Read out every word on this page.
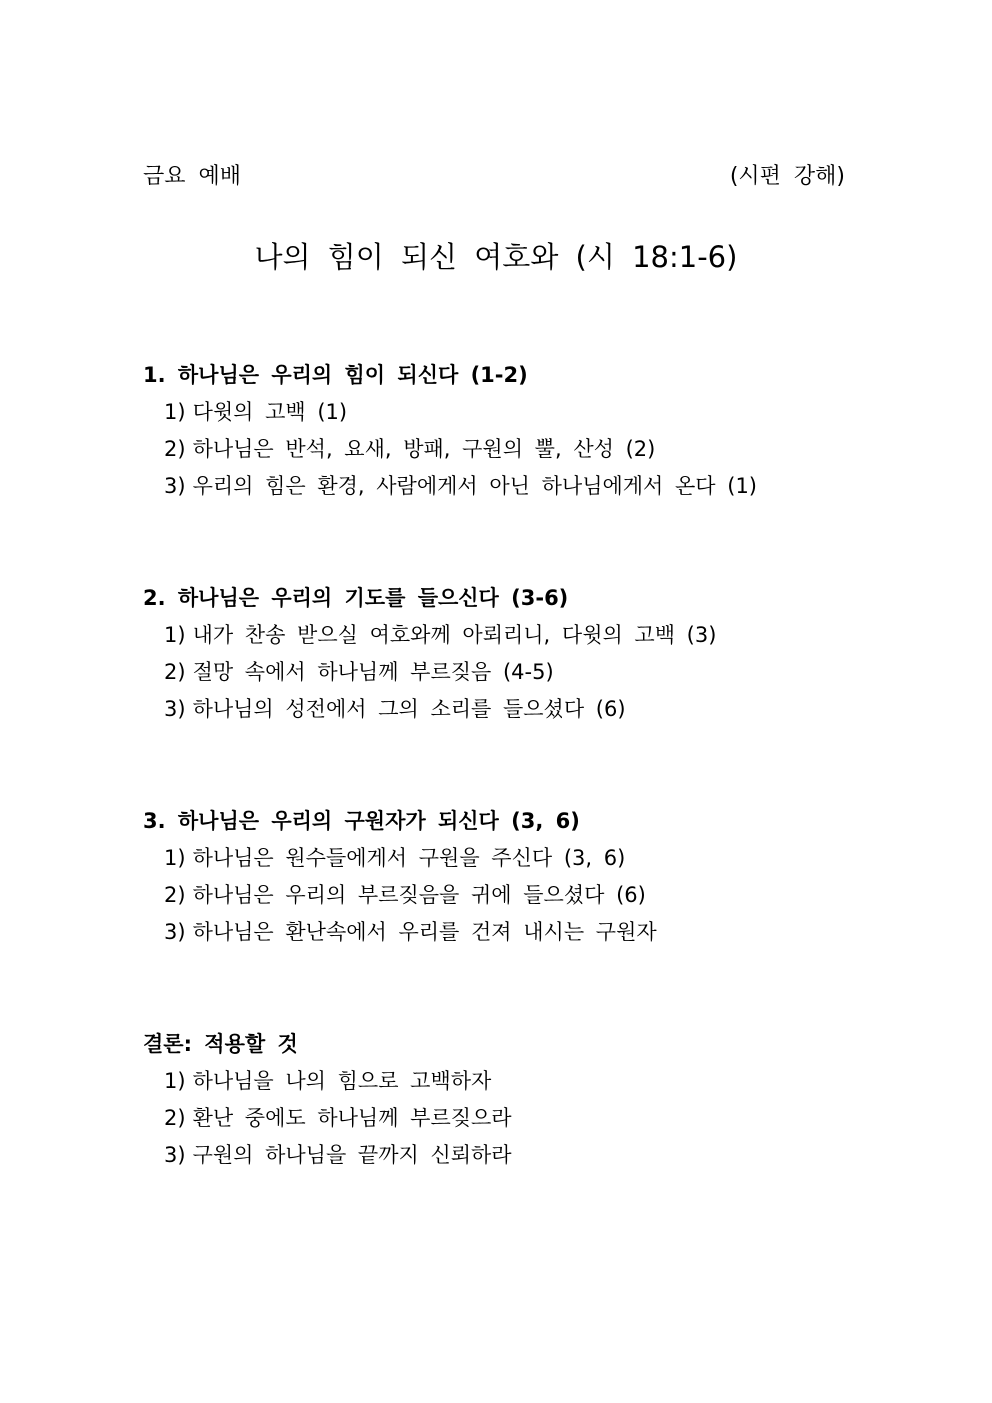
금요 예배	(시편 강해)
나의 힘이 되신 여호와 (시 18:1-6)
1. 하나님은 우리의 힘이 되신다 (1-2)
1) 다윗의 고백 (1)
2) 하나님은 반석, 요새, 방패, 구원의 뿔, 산성 (2)
3) 우리의 힘은 환경, 사람에게서 아닌 하나님에게서 온다 (1)
2. 하나님은 우리의 기도를 들으신다 (3-6)
1) 내가 찬송 받으실 여호와께 아뢰리니, 다윗의 고백 (3)
2) 절망 속에서 하나님께 부르짖음 (4-5)
3) 하나님의 성전에서 그의 소리를 들으셨다 (6)
3. 하나님은 우리의 구원자가 되신다 (3, 6)
1) 하나님은 원수들에게서 구원을 주신다 (3, 6)
2) 하나님은 우리의 부르짖음을 귀에 들으셨다 (6)
3) 하나님은 환난속에서 우리를 건져 내시는 구원자
결론: 적용할 것
1) 하나님을 나의 힘으로 고백하자
2) 환난 중에도 하나님께 부르짖으라
3) 구원의 하나님을 끝까지 신뢰하라
